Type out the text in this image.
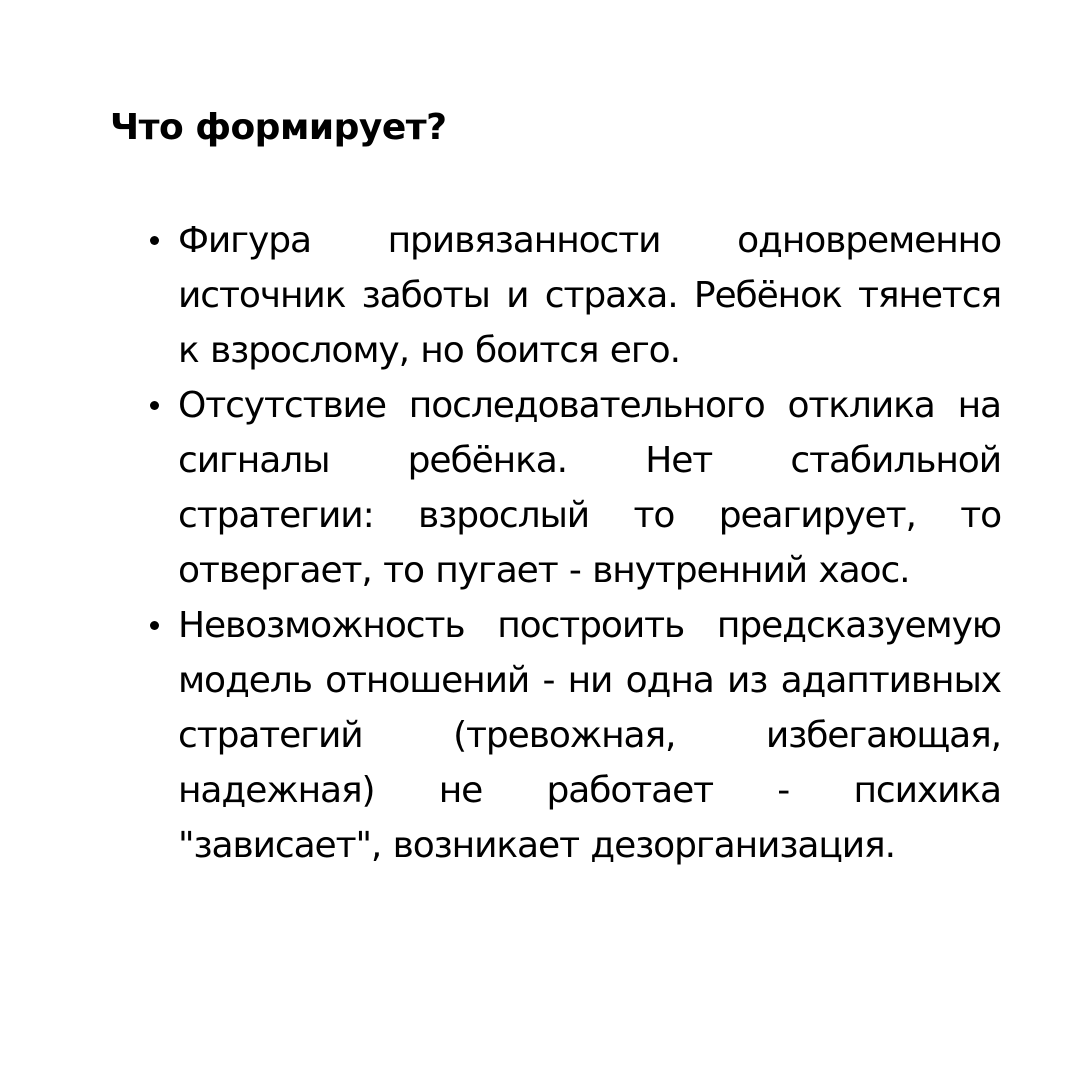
Что формирует?
Фигура привязанности одновременно источник заботы и страха. Ребёнок тянется к взрослому, но боится его.
Отсутствие последовательного отклика на сигналы ребёнка. Нет стабильной стратегии: взрослый то реагирует, то отвергает, то пугает - внутренний хаос.
Невозможность построить предсказуемую модель отношений - ни одна из адаптивных стратегий (тревожная, избегающая, надежная) не работает - психика "зависает", возникает дезорганизация.
